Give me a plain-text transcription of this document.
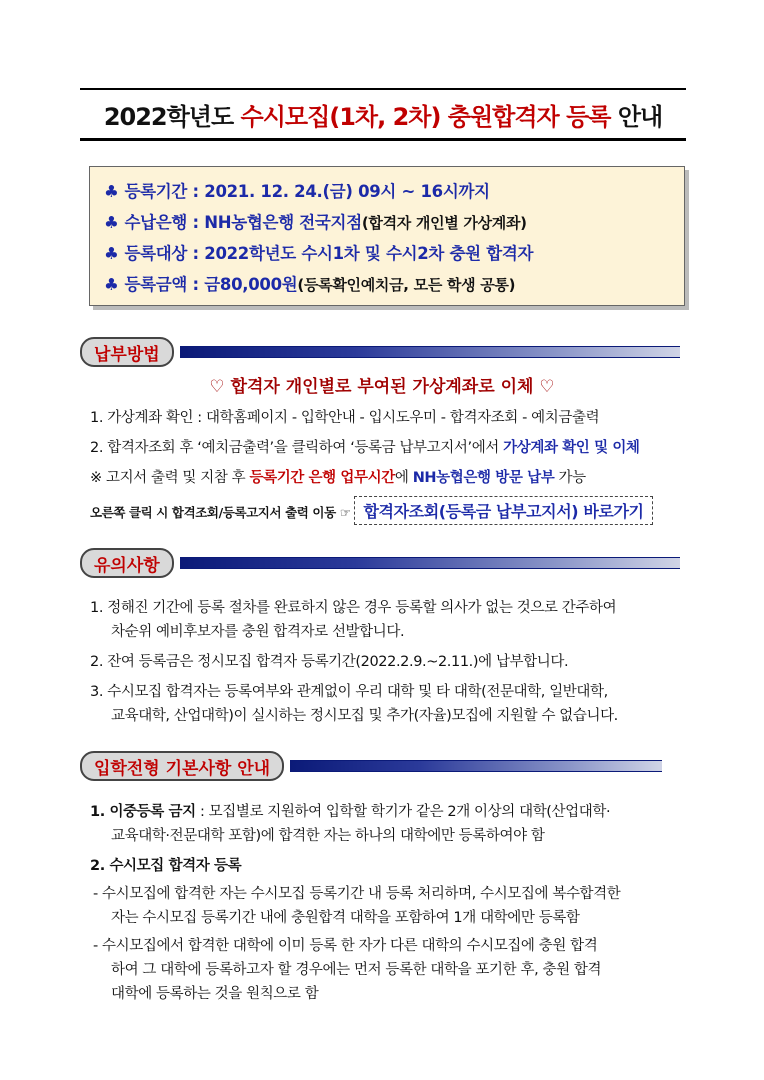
2022학년도
수시모집(1차, 2차) 충원합격자
등록
안내
♣ 등록기간 : 2021. 12. 24.(금) 09시 ~ 16시까지
♣ 수납은행 : NH농협은행 전국지점(합격자 개인별 가상계좌)
♣ 등록대상 : 2022학년도 수시1차 및 수시2차 충원 합격자
♣ 등록금액 : 금80,000원(등록확인예치금, 모든 학생 공통)
납부방법
♡ 합격자 개인별로 부여된 가상계좌로 이체 ♡
1. 가상계좌 확인 : 대학홈페이지 - 입학안내 - 입시도우미 - 합격자조회 - 예치금출력
2. 합격자조회 후 ‘예치금출력’을 클릭하여 ‘등록금 납부고지서’에서 가상계좌 확인 및 이체
※ 고지서 출력 및 지참 후 등록기간 은행 업무시간에 NH농협은행 방문 납부 가능
오른쪽 클릭 시 합격조회/등록고지서 출력 이동 ☞ 합격자조회(등록금 납부고지서) 바로가기
유의사항
1. 정해진 기간에 등록 절차를 완료하지 않은 경우 등록할 의사가 없는 것으로 간주하여
차순위 예비후보자를 충원 합격자로 선발합니다.
2. 잔여 등록금은 정시모집 합격자 등록기간(2022.2.9.~2.11.)에 납부합니다.
3. 수시모집 합격자는 등록여부와 관계없이 우리 대학 및 타 대학(전문대학, 일반대학,
교육대학, 산업대학)이 실시하는 정시모집 및 추가(자율)모집에 지원할 수 없습니다.
입학전형 기본사항 안내
1. 이중등록 금지 : 모집별로 지원하여 입학할 학기가 같은 2개 이상의 대학(산업대학·
교육대학·전문대학 포함)에 합격한 자는 하나의 대학에만 등록하여야 함
2. 수시모집 합격자 등록
- 수시모집에 합격한 자는 수시모집 등록기간 내 등록 처리하며, 수시모집에 복수합격한
자는 수시모집 등록기간 내에 충원합격 대학을 포함하여 1개 대학에만 등록함
- 수시모집에서 합격한 대학에 이미 등록 한 자가 다른 대학의 수시모집에 충원 합격
하여 그 대학에 등록하고자 할 경우에는 먼저 등록한 대학을 포기한 후, 충원 합격
대학에 등록하는 것을 원칙으로 함
